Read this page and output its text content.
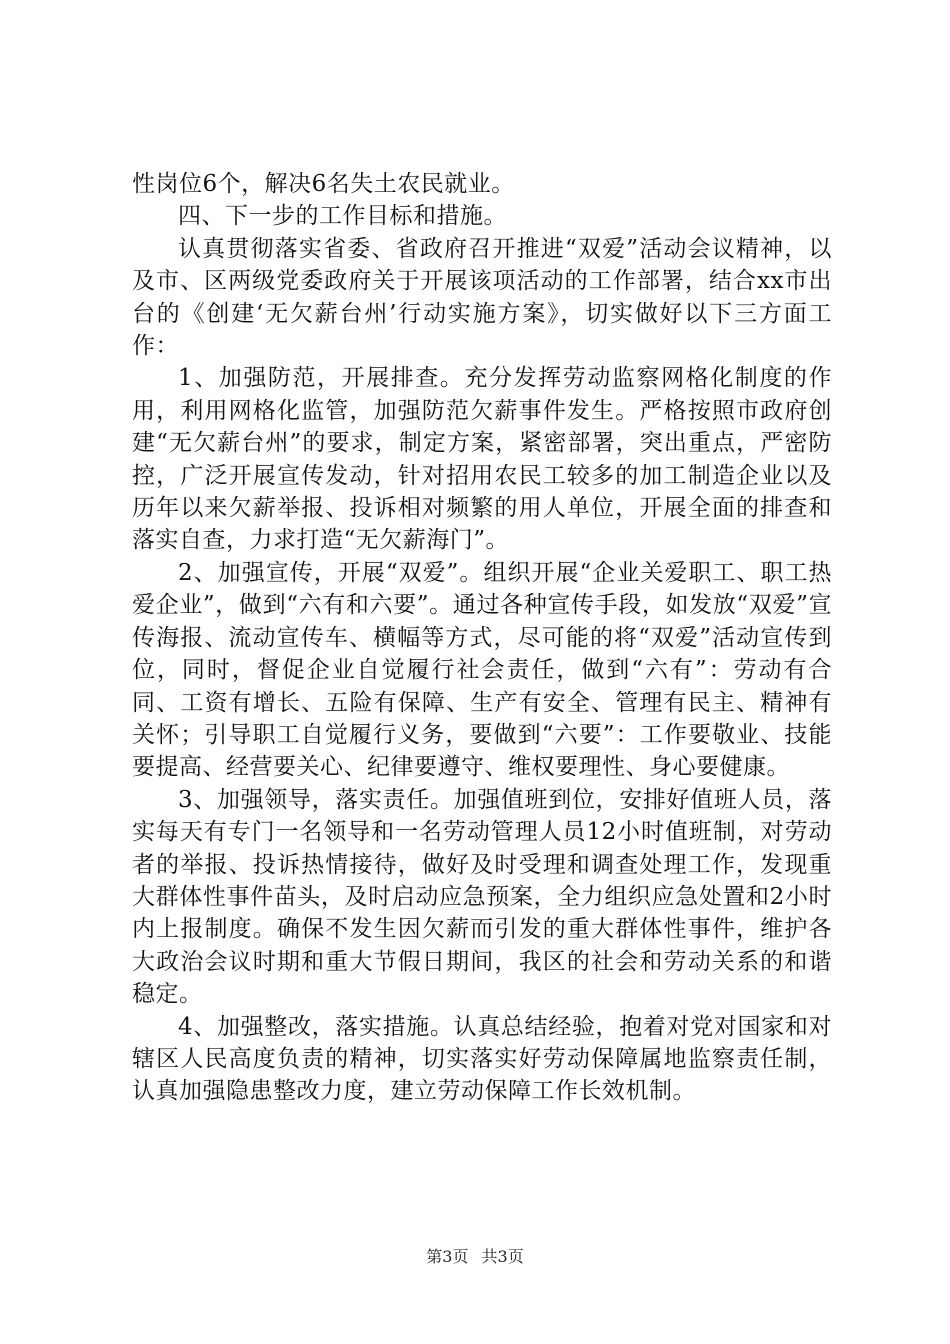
性岗位6个，解决6名失土农民就业。

四、下一步的工作目标和措施。

认真贯彻落实省委、省政府召开推进“双爱”活动会议精神，以及市、区两级党委政府关于开展该项活动的工作部署，结合xx市出台的《创建‘无欠薪台州’行动实施方案》，切实做好以下三方面工作：

1、加强防范，开展排查。充分发挥劳动监察网格化制度的作用，利用网格化监管，加强防范欠薪事件发生。严格按照市政府创建“无欠薪台州”的要求，制定方案，紧密部署，突出重点，严密防控，广泛开展宣传发动，针对招用农民工较多的加工制造企业以及历年以来欠薪举报、投诉相对频繁的用人单位，开展全面的排查和落实自查，力求打造“无欠薪海门”。

2、加强宣传，开展“双爱”。组织开展“企业关爱职工、职工热爱企业”，做到“六有和六要”。通过各种宣传手段，如发放“双爱”宣传海报、流动宣传车、横幅等方式，尽可能的将“双爱”活动宣传到位，同时，督促企业自觉履行社会责任，做到“六有”：劳动有合同、工资有增长、五险有保障、生产有安全、管理有民主、精神有关怀；引导职工自觉履行义务，要做到“六要”：工作要敬业、技能要提高、经营要关心、纪律要遵守、维权要理性、身心要健康。

3、加强领导，落实责任。加强值班到位，安排好值班人员，落实每天有专门一名领导和一名劳动管理人员12小时值班制，对劳动者的举报、投诉热情接待，做好及时受理和调查处理工作，发现重大群体性事件苗头，及时启动应急预案，全力组织应急处置和2小时内上报制度。确保不发生因欠薪而引发的重大群体性事件，维护各大政治会议时期和重大节假日期间，我区的社会和劳动关系的和谐稳定。

4、加强整改，落实措施。认真总结经验，抱着对党对国家和对辖区人民高度负责的精神，切实落实好劳动保障属地监察责任制，认真加强隐患整改力度，建立劳动保障工作长效机制。

第3页 共3页
